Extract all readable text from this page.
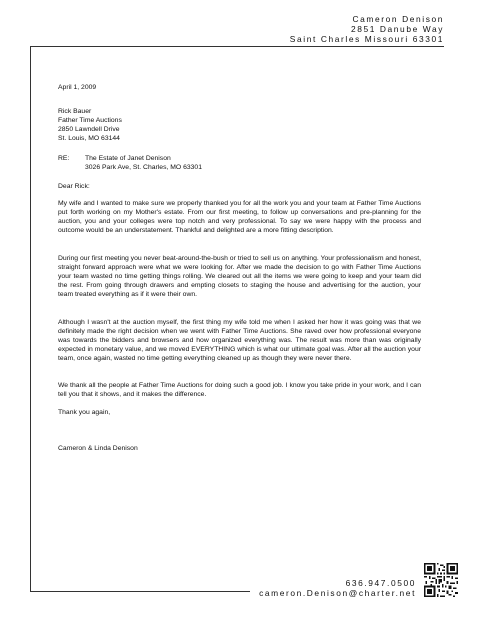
Cameron Denison
2851 Danube Way
Saint Charles Missouri 63301
April 1, 2009
Rick Bauer
Father Time Auctions
2850 Lawndell Drive
St. Louis, MO 63144
RE:	The Estate of Janet Denison
3026 Park Ave, St. Charles, MO 63301
Dear Rick:
My wife and I wanted to make sure we properly thanked you for all the work you and your team at Father Time Auctions put forth working on my Mother's estate. From our first meeting, to follow up conversations and pre-planning for the auction, you and your colleges were top notch and very professional. To say we were happy with the process and outcome would be an understatement. Thankful and delighted are a more fitting description.
During our first meeting you never beat-around-the-bush or tried to sell us on anything. Your professionalism and honest, straight forward approach were what we were looking for. After we made the decision to go with Father Time Auctions your team wasted no time getting things rolling. We cleared out all the items we were going to keep and your team did the rest. From going through drawers and empting closets to staging the house and advertising for the auction, your team treated everything as if it were their own.
Although I wasn't at the auction myself, the first thing my wife told me when I asked her how it was going was that we definitely made the right decision when we went with Father Time Auctions. She raved over how professional everyone was towards the bidders and browsers and how organized everything was. The result was more than was originally expected in monetary value, and we moved EVERYTHING which is what our ultimate goal was. After all the auction your team, once again, wasted no time getting everything cleaned up as though they were never there.
We thank all the people at Father Time Auctions for doing such a good job. I know you take pride in your work, and I can tell you that it shows, and it makes the difference.
Thank you again,
Cameron & Linda Denison
636.947.0500
cameron.Denison@charter.net
